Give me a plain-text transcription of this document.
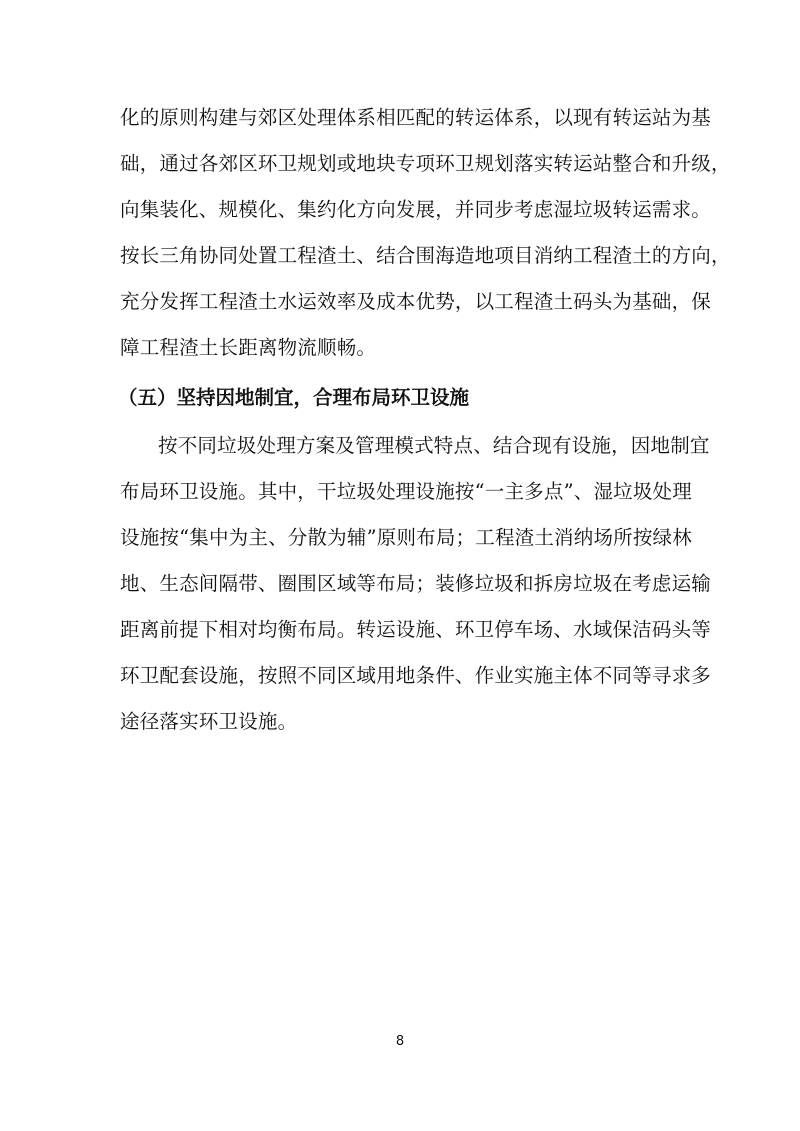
化的原则构建与郊区处理体系相匹配的转运体系，以现有转运站为基
础，通过各郊区环卫规划或地块专项环卫规划落实转运站整合和升级，
向集装化、规模化、集约化方向发展，并同步考虑湿垃圾转运需求。
按长三角协同处置工程渣土、结合围海造地项目消纳工程渣土的方向，
充分发挥工程渣土水运效率及成本优势，以工程渣土码头为基础，保
障工程渣土长距离物流顺畅。
（五）坚持因地制宜，合理布局环卫设施
按不同垃圾处理方案及管理模式特点、结合现有设施，因地制宜
布局环卫设施。其中，干垃圾处理设施按“一主多点”、湿垃圾处理
设施按“集中为主、分散为辅”原则布局；工程渣土消纳场所按绿林
地、生态间隔带、圈围区域等布局；装修垃圾和拆房垃圾在考虑运输
距离前提下相对均衡布局。转运设施、环卫停车场、水域保洁码头等
环卫配套设施，按照不同区域用地条件、作业实施主体不同等寻求多
途径落实环卫设施。
8
